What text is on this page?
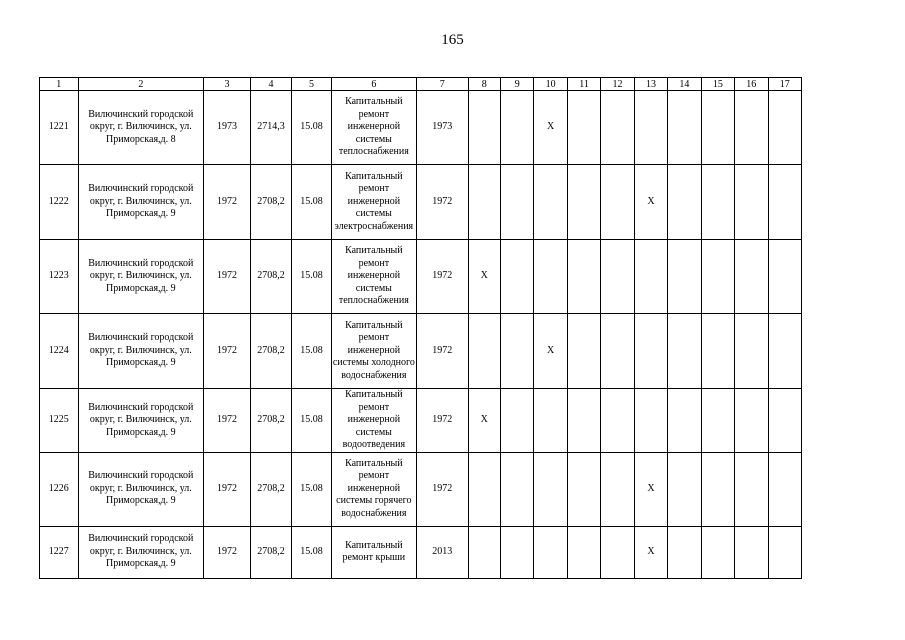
165
1	2	3	4	5	6	7	8	9	10	11	12	13	14	15	16	17
1221	Вилючинский городской округ, г. Вилючинск, ул. Приморская,д. 8	1973	2714,3	15.08	Капитальный ремонт инженерной системы теплоснабжения	1973			X							
1222	Вилючинский городской округ, г. Вилючинск, ул. Приморская,д. 9	1972	2708,2	15.08	Капитальный ремонт инженерной системы электроснабжения	1972						X				
1223	Вилючинский городской округ, г. Вилючинск, ул. Приморская,д. 9	1972	2708,2	15.08	Капитальный ремонт инженерной системы теплоснабжения	1972	X									
1224	Вилючинский городской округ, г. Вилючинск, ул. Приморская,д. 9	1972	2708,2	15.08	Капитальный ремонт инженерной системы холодного водоснабжения	1972			X							
1225	Вилючинский городской округ, г. Вилючинск, ул. Приморская,д. 9	1972	2708,2	15.08	Капитальный ремонт инженерной системы водоотведения	1972	X									
1226	Вилючинский городской округ, г. Вилючинск, ул. Приморская,д. 9	1972	2708,2	15.08	Капитальный ремонт инженерной системы горячего водоснабжения	1972						X				
1227	Вилючинский городской округ, г. Вилючинск, ул. Приморская,д. 9	1972	2708,2	15.08	Капитальный ремонт крыши	2013						X				
